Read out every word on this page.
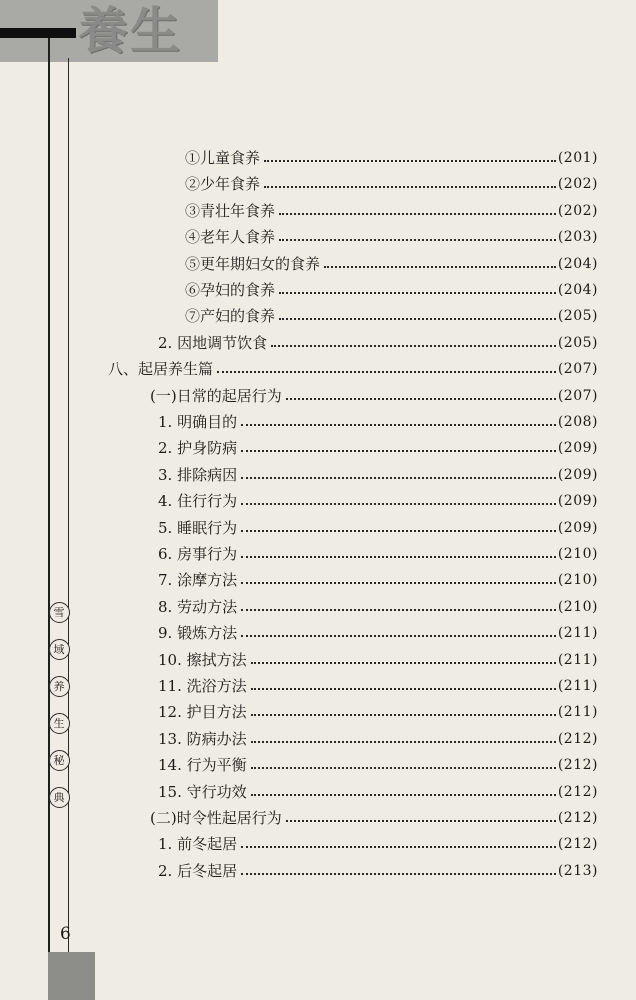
養生
雪
域
养
生
秘
典
6
①儿童食养	(201)
②少年食养	(202)
③青壮年食养	(202)
④老年人食养	(203)
⑤更年期妇女的食养	(204)
⑥孕妇的食养	(204)
⑦产妇的食养	(205)
2. 因地调节饮食	(205)
八、起居养生篇	(207)
(一)日常的起居行为	(207)
1. 明确目的	(208)
2. 护身防病	(209)
3. 排除病因	(209)
4. 住行行为	(209)
5. 睡眠行为	(209)
6. 房事行为	(210)
7. 涂摩方法	(210)
8. 劳动方法	(210)
9. 锻炼方法	(211)
10. 擦拭方法	(211)
11. 洗浴方法	(211)
12. 护目方法	(211)
13. 防病办法	(212)
14. 行为平衡	(212)
15. 守行功效	(212)
(二)时令性起居行为	(212)
1. 前冬起居	(212)
2. 后冬起居	(213)
